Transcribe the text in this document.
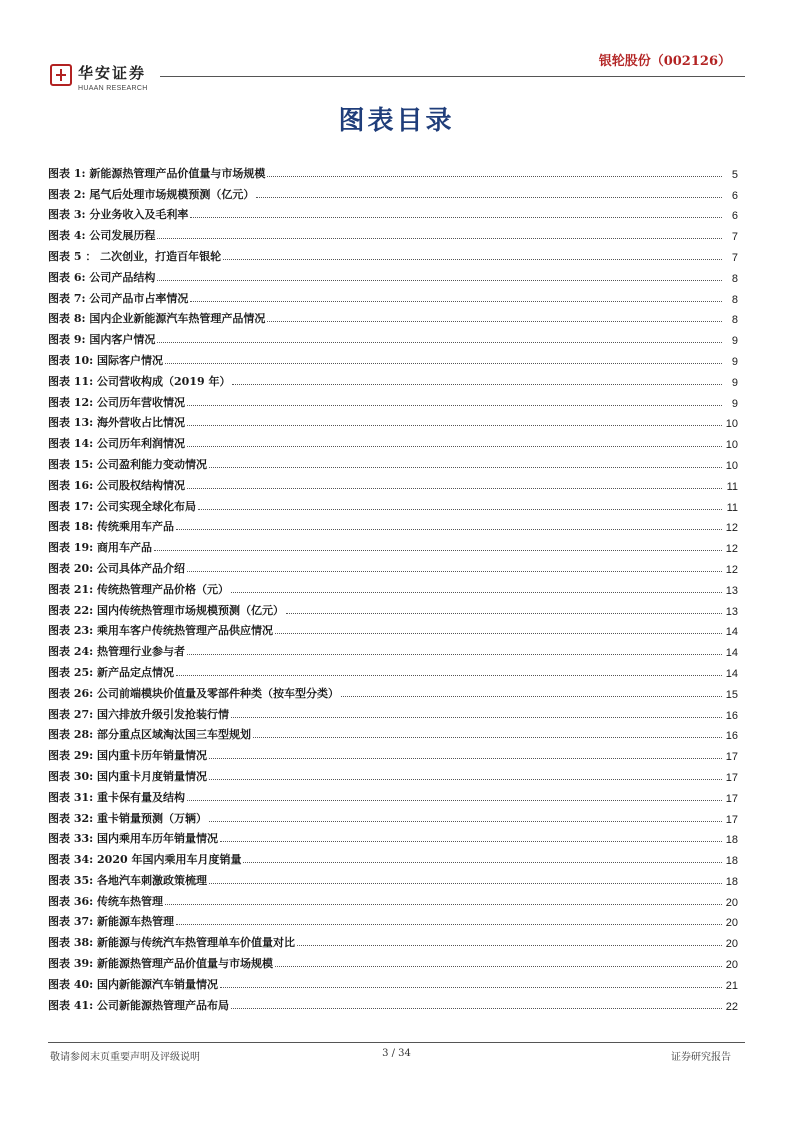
华安证券
HUAAN RESEARCH
银轮股份（002126）
图表目录
图表 1: 新能源热管理产品价值量与市场规模	5
图表 2: 尾气后处理市场规模预测（亿元）	6
图表 3: 分业务收入及毛利率	6
图表 4: 公司发展历程	7
图表 5 ： 二次创业，打造百年银轮	7
图表 6: 公司产品结构	8
图表 7: 公司产品市占率情况	8
图表 8: 国内企业新能源汽车热管理产品情况	8
图表 9: 国内客户情况	9
图表 10: 国际客户情况	9
图表 11: 公司营收构成（2019 年）	9
图表 12: 公司历年营收情况	9
图表 13: 海外营收占比情况	10
图表 14: 公司历年利润情况	10
图表 15: 公司盈利能力变动情况	10
图表 16: 公司股权结构情况	11
图表 17: 公司实现全球化布局	11
图表 18: 传统乘用车产品	12
图表 19: 商用车产品	12
图表 20: 公司具体产品介绍	12
图表 21: 传统热管理产品价格（元）	13
图表 22: 国内传统热管理市场规模预测（亿元）	13
图表 23: 乘用车客户传统热管理产品供应情况	14
图表 24: 热管理行业参与者	14
图表 25: 新产品定点情况	14
图表 26: 公司前端模块价值量及零部件种类（按车型分类）	15
图表 27: 国六排放升级引发抢装行情	16
图表 28: 部分重点区域淘汰国三车型规划	16
图表 29: 国内重卡历年销量情况	17
图表 30: 国内重卡月度销量情况	17
图表 31: 重卡保有量及结构	17
图表 32: 重卡销量预测（万辆）	17
图表 33: 国内乘用车历年销量情况	18
图表 34: 2020 年国内乘用车月度销量	18
图表 35: 各地汽车刺激政策梳理	18
图表 36: 传统车热管理	20
图表 37: 新能源车热管理	20
图表 38: 新能源与传统汽车热管理单车价值量对比	20
图表 39: 新能源热管理产品价值量与市场规模	20
图表 40: 国内新能源汽车销量情况	21
图表 41: 公司新能源热管理产品布局	22
敬请参阅末页重要声明及评级说明	3 / 34	证券研究报告
